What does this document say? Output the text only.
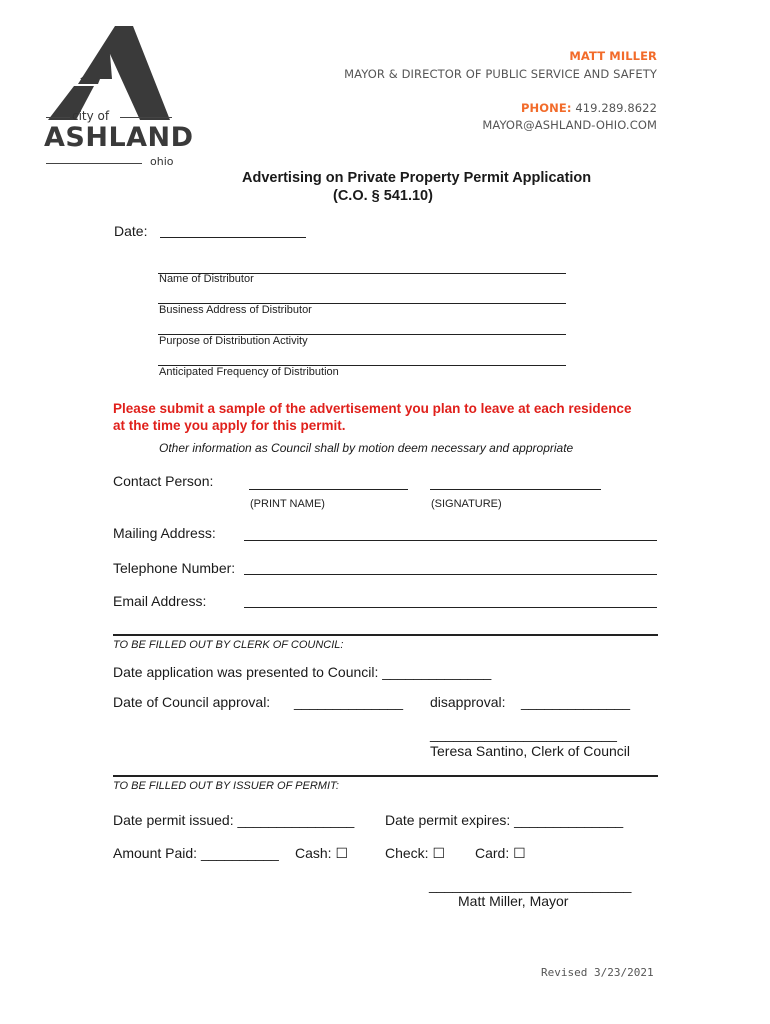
city of
ASHLAND
ohio
MATT MILLER
MAYOR & DIRECTOR OF PUBLIC SERVICE AND SAFETY
PHONE: 419.289.8622
MAYOR@ASHLAND-OHIO.COM
Advertising on Private Property Permit Application
(C.O. § 541.10)
Date:
Name of Distributor
Business Address of Distributor
Purpose of Distribution Activity
Anticipated Frequency of Distribution
Please submit a sample of the advertisement you plan to leave at each residence
at the time you apply for this permit.
Other information as Council shall by motion deem necessary and appropriate
Contact Person:
(PRINT NAME)	(SIGNATURE)
Mailing Address:
Telephone Number:
Email Address:
TO BE FILLED OUT BY CLERK OF COUNCIL:
Date application was presented to Council: ______________
Date of Council approval: ______________ disapproval: ______________
________________________
Teresa Santino, Clerk of Council
TO BE FILLED OUT BY ISSUER OF PERMIT:
Date permit issued: _______________ Date permit expires: ______________
Amount Paid: __________ Cash: ☐	Check: ☐ Card: ☐
__________________________
Matt Miller, Mayor
Revised 3/23/2021
